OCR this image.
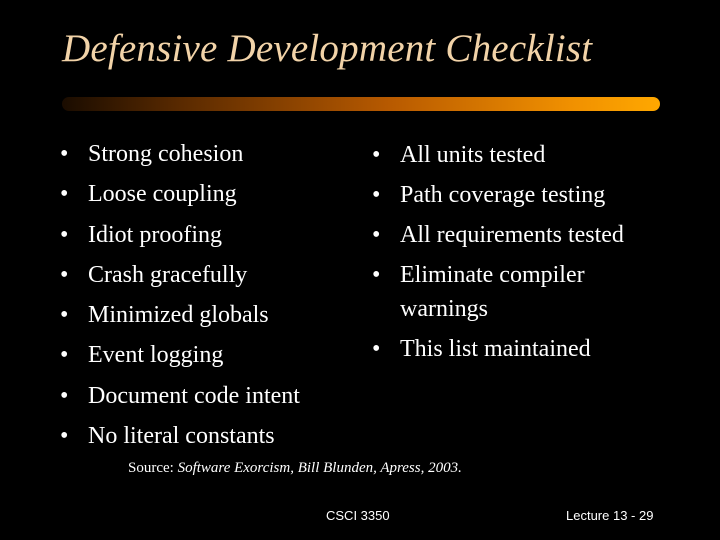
Defensive Development Checklist
• Strong cohesion
• Loose coupling
• Idiot proofing
• Crash gracefully
• Minimized globals
• Event logging
• Document code intent
• No literal constants
• All units tested
• Path coverage testing
• All requirements tested
• Eliminate compiler warnings
• This list maintained
Source: Software Exorcism, Bill Blunden, Apress, 2003.
CSCI 3350	Lecture 13 - 29
